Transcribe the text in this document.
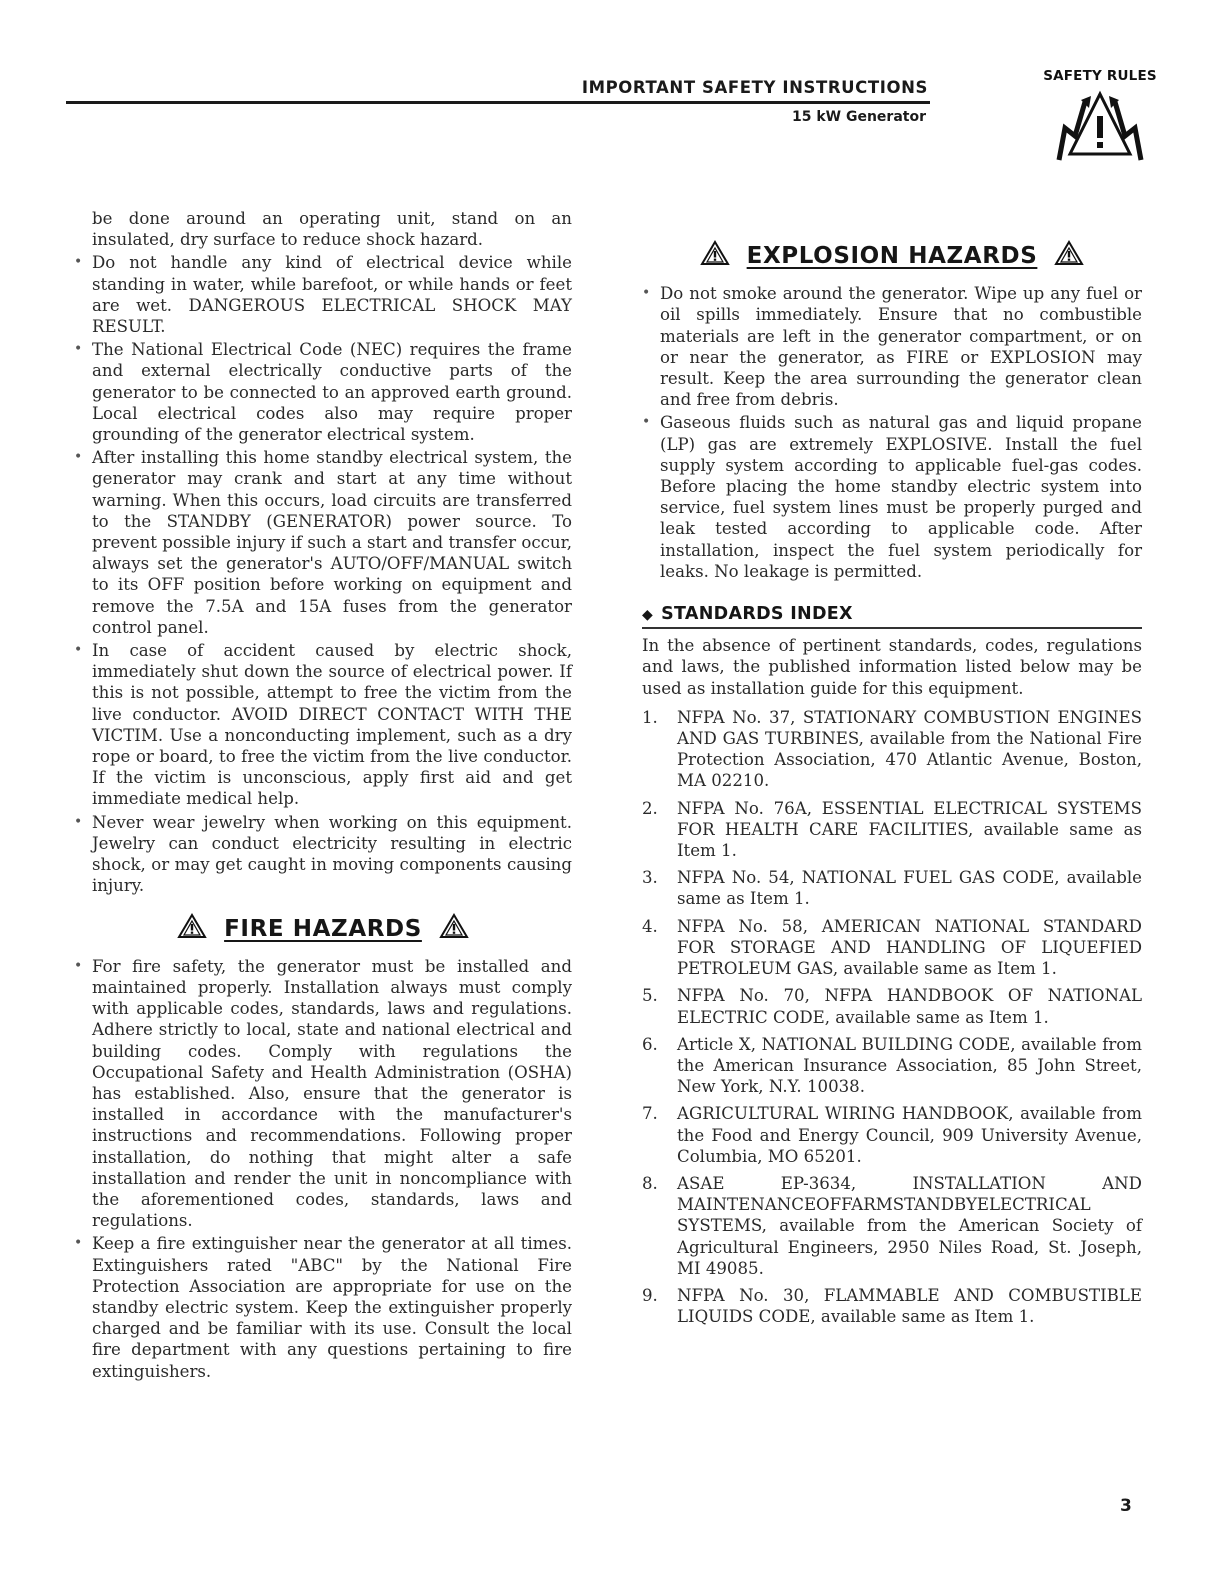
IMPORTANT SAFETY INSTRUCTIONS
15 kW Generator
SAFETY RULES

be done around an operating unit, stand on an insulated, dry surface to reduce shock hazard.

• Do not handle any kind of electrical device while standing in water, while barefoot, or while hands or feet are wet. DANGEROUS ELECTRICAL SHOCK MAY RESULT.
• The National Electrical Code (NEC) requires the frame and external electrically conductive parts of the generator to be connected to an approved earth ground. Local electrical codes also may require proper grounding of the generator electrical system.
• After installing this home standby electrical system, the generator may crank and start at any time without warning. When this occurs, load circuits are transferred to the STANDBY (GENERATOR) power source. To prevent possible injury if such a start and transfer occur, always set the generator's AUTO/OFF/MANUAL switch to its OFF position before working on equipment and remove the 7.5A and 15A fuses from the generator control panel.
• In case of accident caused by electric shock, immediately shut down the source of electrical power. If this is not possible, attempt to free the victim from the live conductor. AVOID DIRECT CONTACT WITH THE VICTIM. Use a nonconducting implement, such as a dry rope or board, to free the victim from the live conductor. If the victim is unconscious, apply first aid and get immediate medical help.
• Never wear jewelry when working on this equipment. Jewelry can conduct electricity resulting in electric shock, or may get caught in moving components causing injury.
FIRE HAZARDS
• For fire safety, the generator must be installed and maintained properly. Installation always must comply with applicable codes, standards, laws and regulations. Adhere strictly to local, state and national electrical and building codes. Comply with regulations the Occupational Safety and Health Administration (OSHA) has established. Also, ensure that the generator is installed in accordance with the manufacturer's instructions and recommendations. Following proper installation, do nothing that might alter a safe installation and render the unit in noncompliance with the aforementioned codes, standards, laws and regulations.
• Keep a fire extinguisher near the generator at all times. Extinguishers rated "ABC" by the National Fire Protection Association are appropriate for use on the standby electric system. Keep the extinguisher properly charged and be familiar with its use. Consult the local fire department with any questions pertaining to fire extinguishers.
EXPLOSION HAZARDS
• Do not smoke around the generator. Wipe up any fuel or oil spills immediately. Ensure that no combustible materials are left in the generator compartment, or on or near the generator, as FIRE or EXPLOSION may result. Keep the area surrounding the generator clean and free from debris.
• Gaseous fluids such as natural gas and liquid propane (LP) gas are extremely EXPLOSIVE. Install the fuel supply system according to applicable fuel-gas codes. Before placing the home standby electric system into service, fuel system lines must be properly purged and leak tested according to applicable code. After installation, inspect the fuel system periodically for leaks. No leakage is permitted.
◆ STANDARDS INDEX

In the absence of pertinent standards, codes, regulations and laws, the published information listed below may be used as installation guide for this equipment.

1. NFPA No. 37, STATIONARY COMBUSTION ENGINES AND GAS TURBINES, available from the National Fire Protection Association, 470 Atlantic Avenue, Boston, MA 02210.
2. NFPA No. 76A, ESSENTIAL ELECTRICAL SYSTEMS FOR HEALTH CARE FACILITIES, available same as Item 1.
3. NFPA No. 54, NATIONAL FUEL GAS CODE, available same as Item 1.
4. NFPA No. 58, AMERICAN NATIONAL STANDARD FOR STORAGE AND HANDLING OF LIQUEFIED PETROLEUM GAS, available same as Item 1.
5. NFPA No. 70, NFPA HANDBOOK OF NATIONAL ELECTRIC CODE, available same as Item 1.
6. Article X, NATIONAL BUILDING CODE, available from the American Insurance Association, 85 John Street, New York, N.Y. 10038.
7. AGRICULTURAL WIRING HANDBOOK, available from the Food and Energy Council, 909 University Avenue, Columbia, MO 65201.
8. ASAE EP-3634, INSTALLATION AND MAINTENANCEOFFARMSTANDBYELECTRICAL SYSTEMS, available from the American Society of Agricultural Engineers, 2950 Niles Road, St. Joseph, MI 49085.
9. NFPA No. 30, FLAMMABLE AND COMBUSTIBLE LIQUIDS CODE, available same as Item 1.
3
